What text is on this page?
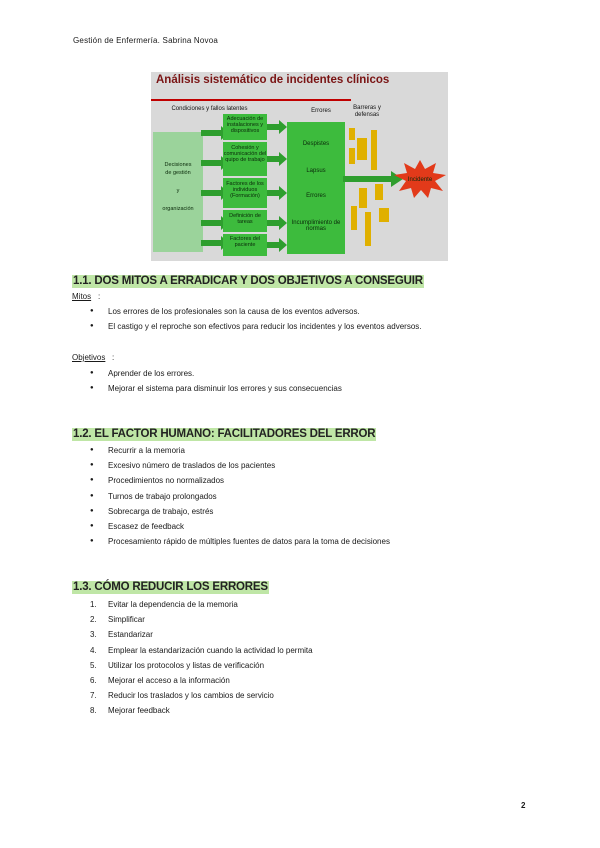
Gestión de Enfermería. Sabrina Novoa
Análisis sistemático de incidentes clínicos
Condiciones y fallos latentes	Errores	Barreras y defensas
Decisiones
de gestión
y
organización
Adecuación de instalaciones y dispositivos
Cohesión y comunicación del quipo de trabajo
Factores de los individuos (Formación)
Definición de tareas
Factores del paciente
Despistes
Lapsus
Errores
Incumplimiento de normas
Incidente
1.1. DOS MITOS A ERRADICAR Y DOS OBJETIVOS A CONSEGUIR
Mitos :
● Los errores de los profesionales son la causa de los eventos adversos.
● El castigo y el reproche son efectivos para reducir los incidentes y los eventos adversos.
Objetivos :
● Aprender de los errores.
● Mejorar el sistema para disminuir los errores y sus consecuencias
1.2. EL FACTOR HUMANO: FACILITADORES DEL ERROR
● Recurrir a la memoria
● Excesivo número de traslados de los pacientes
● Procedimientos no normalizados
● Turnos de trabajo prolongados
● Sobrecarga de trabajo, estrés
● Escasez de feedback
● Procesamiento rápido de múltiples fuentes de datos para la toma de decisiones
1.3. CÓMO REDUCIR LOS ERRORES
1. Evitar la dependencia de la memoria
2. Simplificar
3. Estandarizar
4. Emplear la estandarización cuando la actividad lo permita
5. Utilizar los protocolos y listas de verificación
6. Mejorar el acceso a la información
7. Reducir los traslados y los cambios de servicio
8. Mejorar feedback
2
